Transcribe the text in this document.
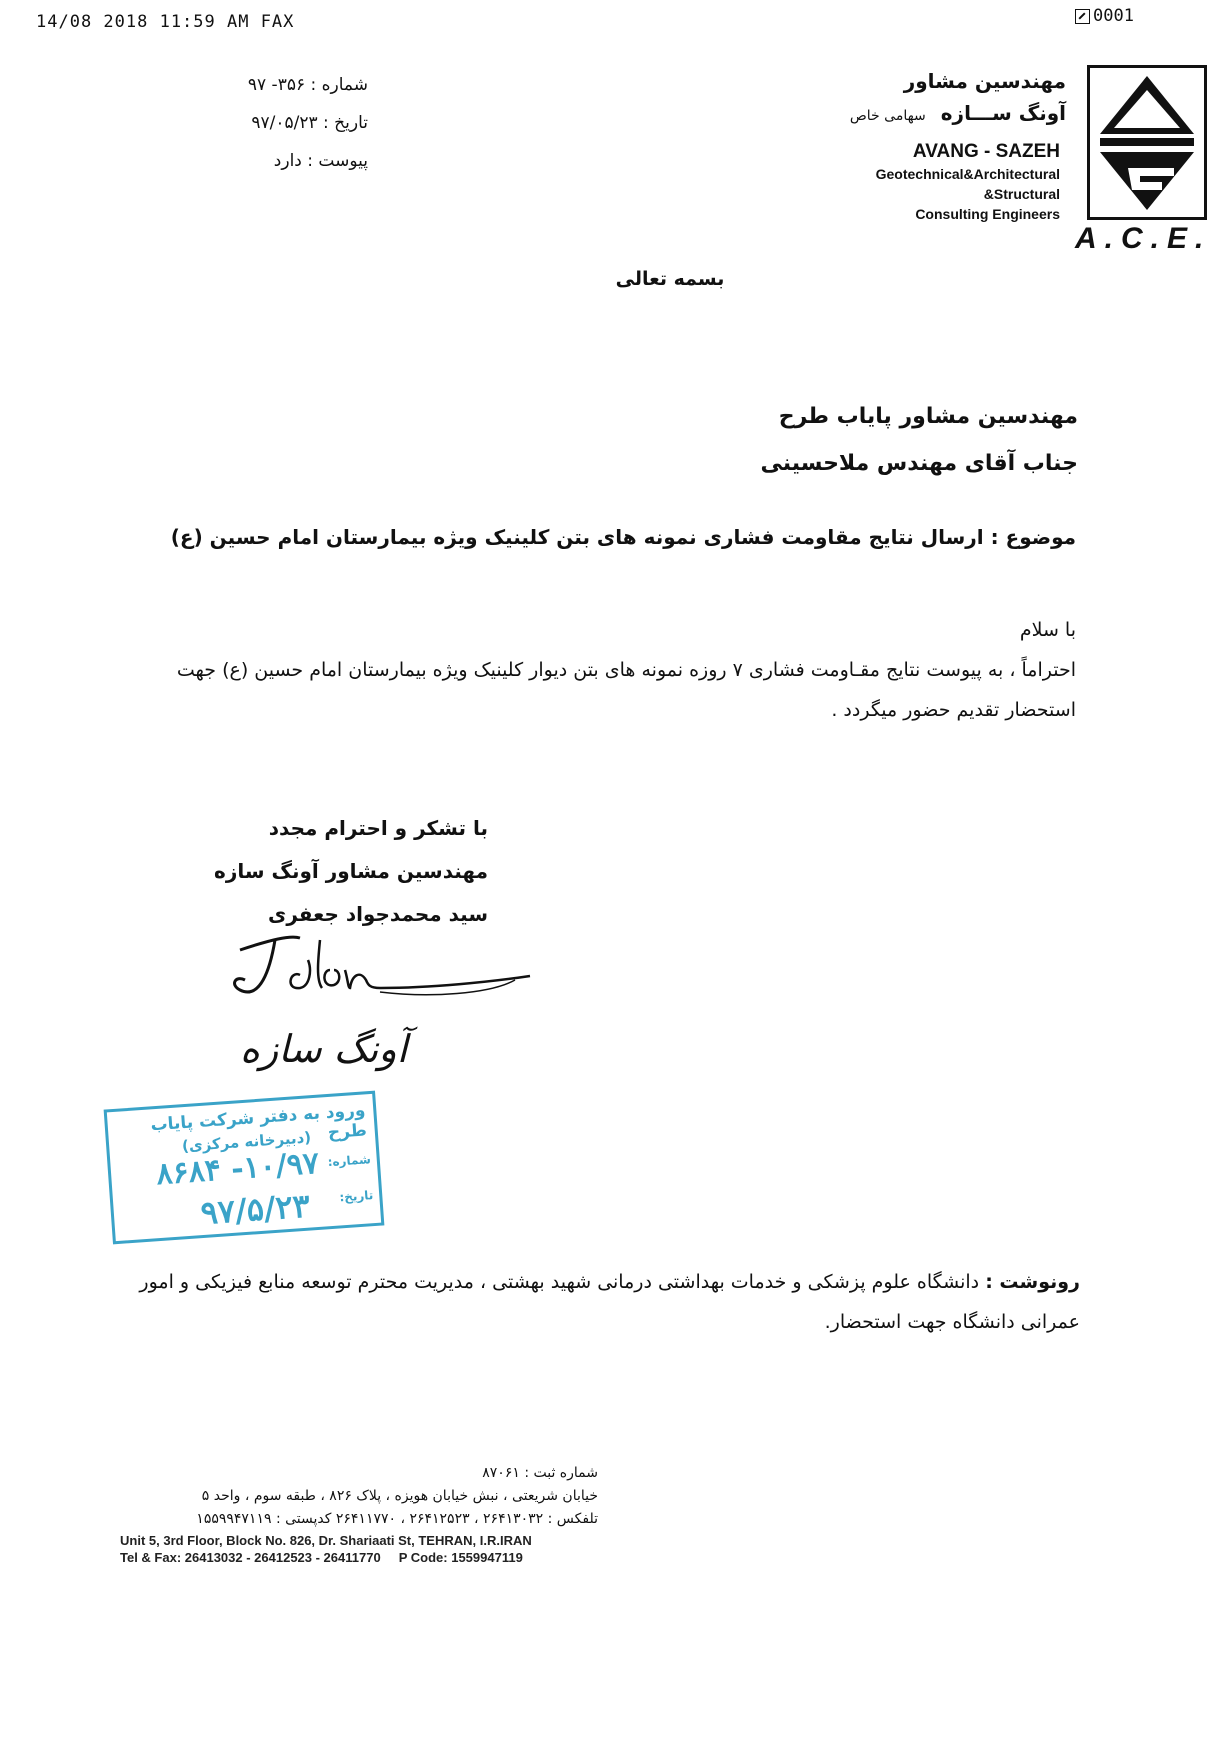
14/08 2018 11:59 AM FAX	0001
شماره : ۳۵۶- ۹۷
تاریخ : ۹۷/۰۵/۲۳
پیوست : دارد
مهندسین مشاور
آونگ ســـازه سهامی خاص
AVANG - SAZEH
Geotechnical&Architectural
&Structural
Consulting Engineers
A.C.E.
بسمه تعالی
مهندسین مشاور پایاب طرح
جناب آقای مهندس ملاحسینی
موضوع : ارسال نتایج مقاومت فشاری نمونه های بتن کلینیک ویژه بیمارستان امام حسین (ع)
با سلام
احتراماً ، به پیوست نتایج مقـاومت فشاری ۷ روزه نمونه های بتن دیوار کلینیک ویژه بیمارستان امام حسین (ع) جهت استحضار تقدیم حضور میگردد .
با تشکر و احترام مجدد
مهندسین مشاور آونگ سازه
سید محمدجواد جعفری
آونگ سازه
ورود به دفتر شرکت پایاب طرح
(دبیرخانه مرکزی)
شماره:
۱۰/۹۷- ۸۶۸۴
تاریخ:
۹۷/۵/۲۳
رونوشت : دانشگاه علوم پزشکی و خدمات بهداشتی درمانی شهید بهشتی ، مدیریت محترم توسعه منابع فیزیکی و امور عمرانی دانشگاه جهت استحضار.
شماره ثبت : ۸۷۰۶۱
خیابان شریعتی ، نبش خیابان هویزه ، پلاک ۸۲۶ ، طبقه سوم ، واحد ۵
تلفکس : ۲۶۴۱۳۰۳۲ ، ۲۶۴۱۲۵۲۳ ، ۲۶۴۱۱۷۷۰ کدپستی : ۱۵۵۹۹۴۷۱۱۹
Unit 5, 3rd Floor, Block No. 826, Dr. Shariaati St, TEHRAN, I.R.IRAN
Tel & Fax: 26413032 - 26412523 - 26411770     P Code: 1559947119
